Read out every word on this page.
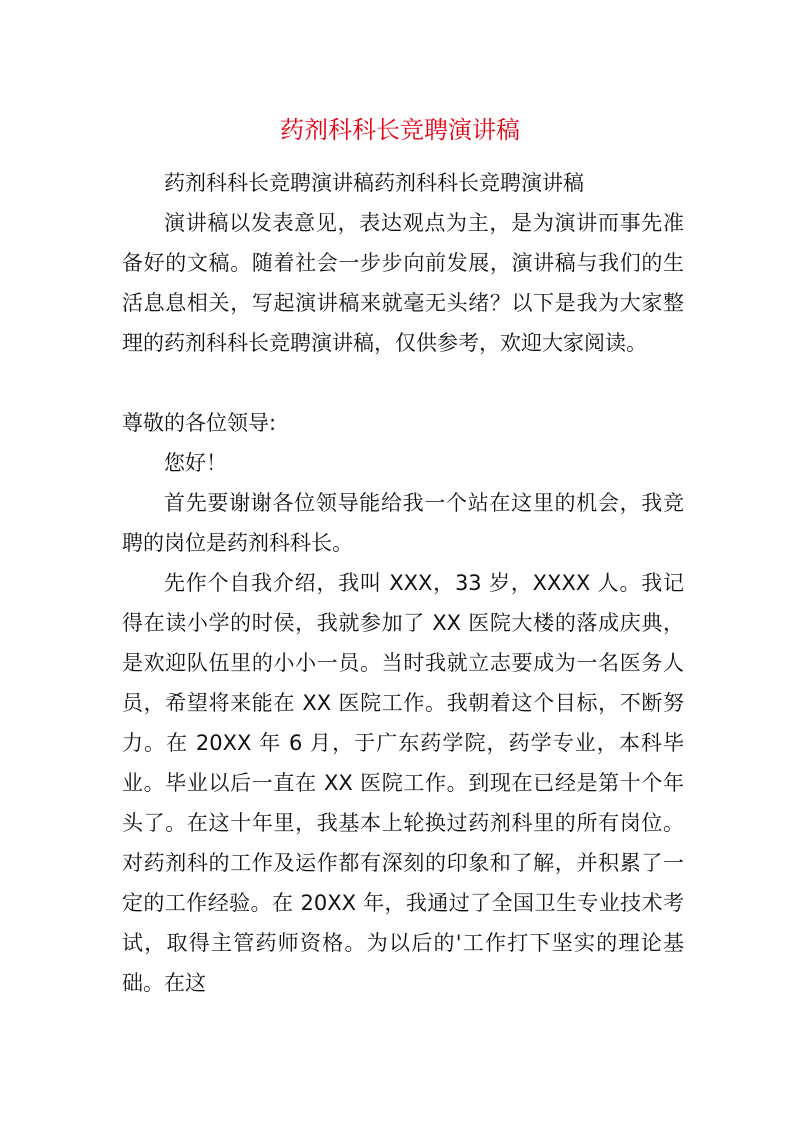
药剂科科长竞聘演讲稿

药剂科科长竞聘演讲稿药剂科科长竞聘演讲稿

演讲稿以发表意见，表达观点为主，是为演讲而事先准备好的文稿。随着社会一步步向前发展，演讲稿与我们的生活息息相关，写起演讲稿来就毫无头绪？以下是我为大家整理的药剂科科长竞聘演讲稿，仅供参考，欢迎大家阅读。

尊敬的各位领导:

您好！

首先要谢谢各位领导能给我一个站在这里的机会，我竞聘的岗位是药剂科科长。

先作个自我介绍，我叫 XXX，33 岁，XXXX 人。我记得在读小学的时侯，我就参加了 XX 医院大楼的落成庆典，是欢迎队伍里的小小一员。当时我就立志要成为一名医务人员，希望将来能在 XX 医院工作。我朝着这个目标，不断努力。在 20XX 年 6 月，于广东药学院，药学专业，本科毕业。毕业以后一直在 XX 医院工作。到现在已经是第十个年头了。在这十年里，我基本上轮换过药剂科里的所有岗位。对药剂科的工作及运作都有深刻的印象和了解，并积累了一定的工作经验。在 20XX 年，我通过了全国卫生专业技术考试，取得主管药师资格。为以后的'工作打下坚实的理论基础。在这
